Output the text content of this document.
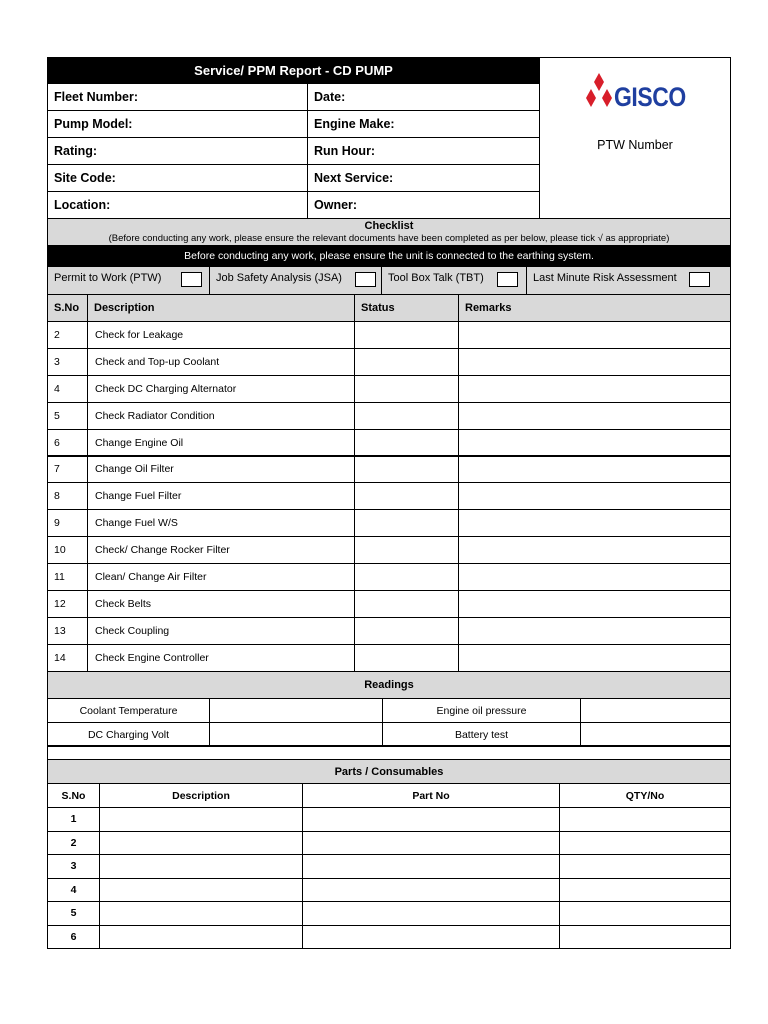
Service/ PPM Report - CD PUMP
GISCO
PTW Number
Fleet Number:	Date:
Pump Model:	Engine Make:
Rating:	Run Hour:
Site Code:	Next Service:
Location:	Owner:
Checklist
(Before conducting any work, please ensure the relevant documents have been completed as per below, please tick √ as appropriate)
Before conducting any work, please ensure the unit is connected to the earthing system.
Permit to Work (PTW)	Job Safety Analysis (JSA)	Tool Box Talk (TBT)	Last Minute Risk Assessment
S.No	Description	Status	Remarks
2	Check for Leakage
3	Check and Top-up Coolant
4	Check DC Charging Alternator
5	Check Radiator Condition
6	Change Engine Oil
7	Change Oil Filter
8	Change Fuel Filter
9	Change Fuel W/S
10	Check/ Change Rocker Filter
11	Clean/ Change Air Filter
12	Check Belts
13	Check Coupling
14	Check Engine Controller
Readings
Coolant Temperature	Engine oil pressure
DC Charging Volt	Battery test
Parts / Consumables
S.No	Description	Part No	QTY/No
1
2
3
4
5
6
